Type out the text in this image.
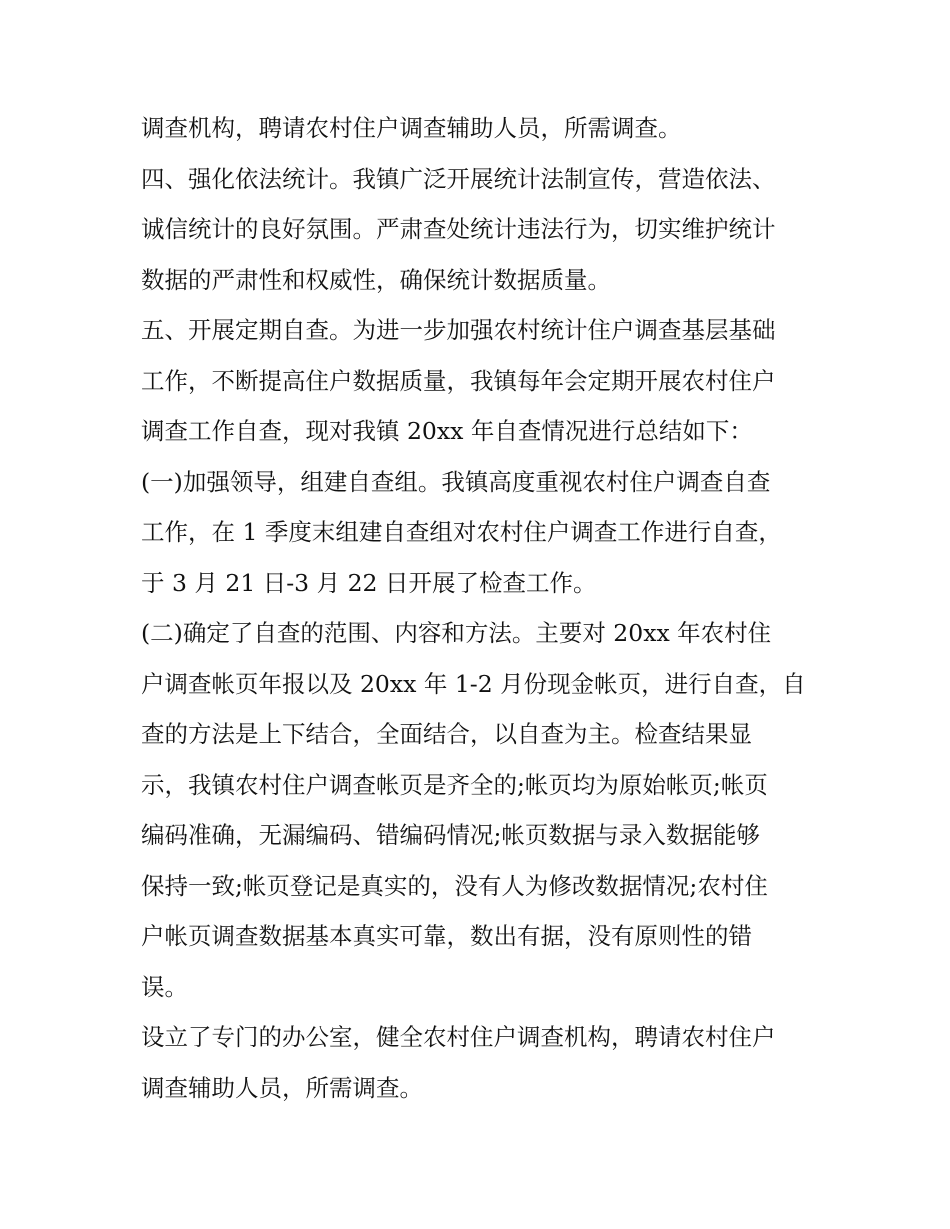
调查机构，聘请农村住户调查辅助人员，所需调查。
四、强化依法统计。我镇广泛开展统计法制宣传，营造依法、
诚信统计的良好氛围。严肃查处统计违法行为，切实维护统计
数据的严肃性和权威性，确保统计数据质量。
五、开展定期自查。为进一步加强农村统计住户调查基层基础
工作，不断提高住户数据质量，我镇每年会定期开展农村住户
调查工作自查，现对我镇 20xx 年自查情况进行总结如下：
(一)加强领导，组建自查组。我镇高度重视农村住户调查自查
工作，在 1 季度末组建自查组对农村住户调查工作进行自查，
于 3 月 21 日-3 月 22 日开展了检查工作。
(二)确定了自查的范围、内容和方法。主要对 20xx 年农村住
户调查帐页年报以及 20xx 年 1-2 月份现金帐页，进行自查，自
查的方法是上下结合，全面结合，以自查为主。检查结果显
示，我镇农村住户调查帐页是齐全的;帐页均为原始帐页;帐页
编码准确，无漏编码、错编码情况;帐页数据与录入数据能够
保持一致;帐页登记是真实的，没有人为修改数据情况;农村住
户帐页调查数据基本真实可靠，数出有据，没有原则性的错
误。
设立了专门的办公室，健全农村住户调查机构，聘请农村住户
调查辅助人员，所需调查。
